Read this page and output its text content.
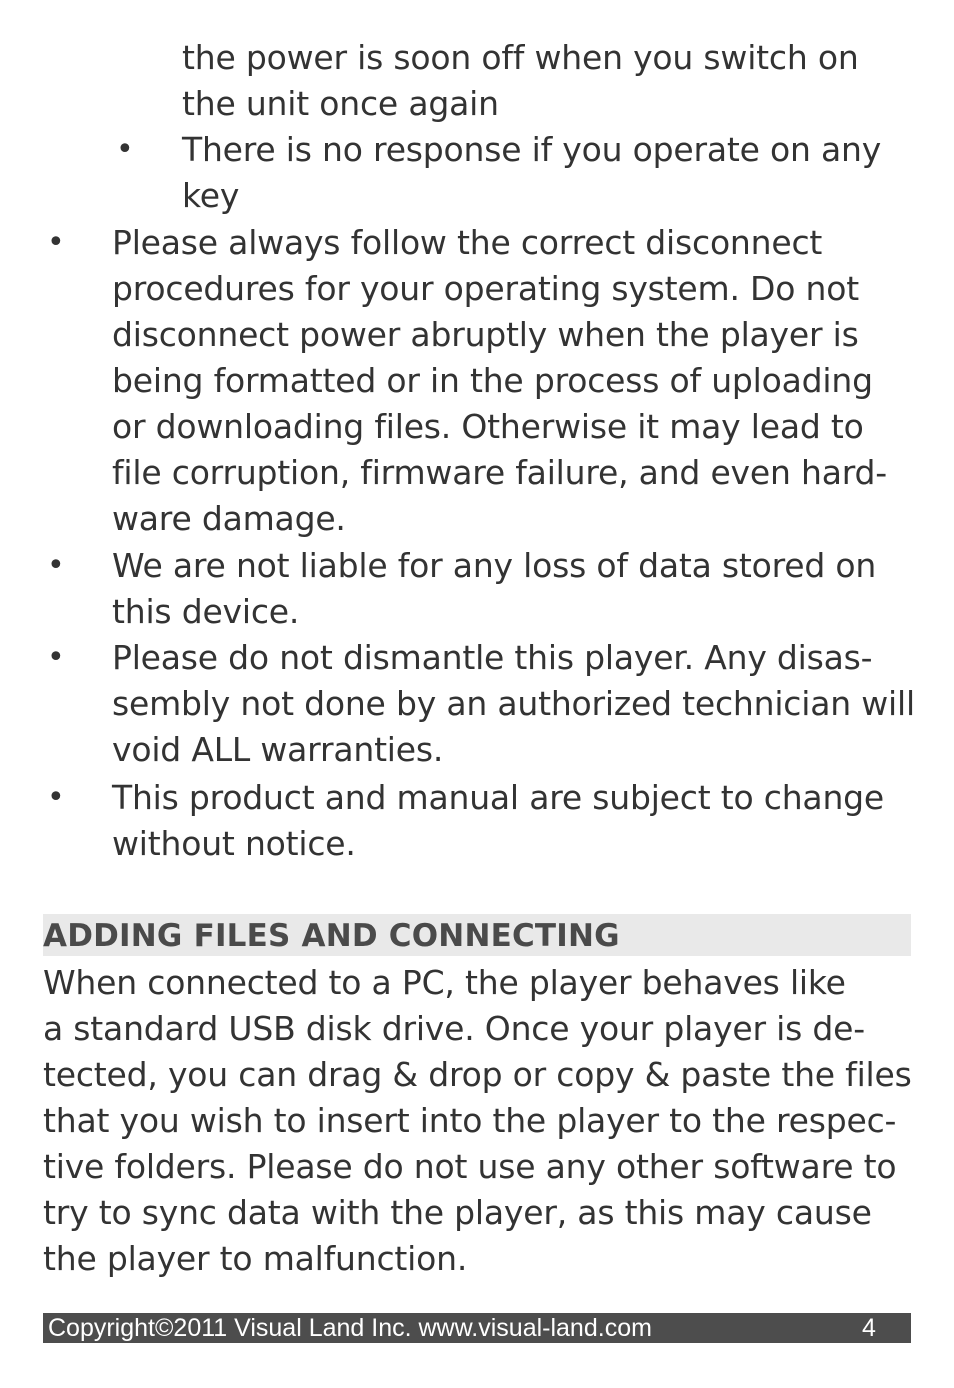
the power is soon off when you switch on
the unit once again
• There is no response if you operate on any
key
• Please always follow the correct disconnect
procedures for your operating system. Do not
disconnect power abruptly when the player is
being formatted or in the process of uploading
or downloading files. Otherwise it may lead to
file corruption, firmware failure, and even hard-
ware damage.
• We are not liable for any loss of data stored on
this device.
• Please do not dismantle this player. Any disas-
sembly not done by an authorized technician will
void ALL warranties.
• This product and manual are subject to change
without notice.
ADDING FILES AND CONNECTING
When connected to a PC, the player behaves like
a standard USB disk drive. Once your player is de-
tected, you can drag & drop or copy & paste the files
that you wish to insert into the player to the respec-
tive folders. Please do not use any other software to
try to sync data with the player, as this may cause
the player to malfunction.
Copyright©2011 Visual Land Inc. www.visual-land.com	4
